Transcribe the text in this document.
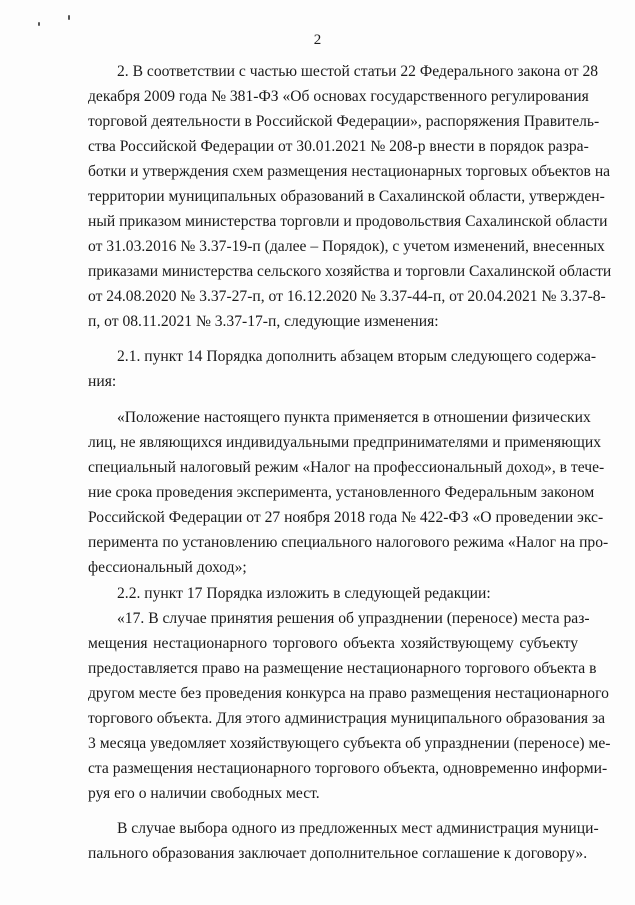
2
2. В соответствии с частью шестой статьи 22 Федерального закона от 28
декабря 2009 года № 381-ФЗ «Об основах государственного регулирования
торговой деятельности в Российской Федерации», распоряжения Правитель-
ства Российской Федерации от 30.01.2021 № 208-р внести в порядок разра-
ботки и утверждения схем размещения нестационарных торговых объектов на
территории муниципальных образований в Сахалинской области, утвержден-
ный приказом министерства торговли и продовольствия Сахалинской области
от 31.03.2016 № 3.37-19-п (далее – Порядок), с учетом изменений, внесенных
приказами министерства сельского хозяйства и торговли Сахалинской области
от 24.08.2020 № 3.37-27-п, от 16.12.2020 № 3.37-44-п, от 20.04.2021 № 3.37-8-
п, от 08.11.2021 № 3.37-17-п, следующие изменения:
2.1. пункт 14 Порядка дополнить абзацем вторым следующего содержа-
ния:
«Положение настоящего пункта применяется в отношении физических
лиц, не являющихся индивидуальными предпринимателями и применяющих
специальный налоговый режим «Налог на профессиональный доход», в тече-
ние срока проведения эксперимента, установленного Федеральным законом
Российской Федерации от 27 ноября 2018 года № 422-ФЗ «О проведении экс-
перимента по установлению специального налогового режима «Налог на про-
фессиональный доход»;
2.2. пункт 17 Порядка изложить в следующей редакции:
«17. В случае принятия решения об упразднении (переносе) места раз-
мещения нестационарного торгового объекта хозяйствующему субъекту
предоставляется право на размещение нестационарного торгового объекта в
другом месте без проведения конкурса на право размещения нестационарного
торгового объекта. Для этого администрация муниципального образования за
3 месяца уведомляет хозяйствующего субъекта об упразднении (переносе) ме-
ста размещения нестационарного торгового объекта, одновременно информи-
руя его о наличии свободных мест.
В случае выбора одного из предложенных мест администрация муници-
пального образования заключает дополнительное соглашение к договору».
